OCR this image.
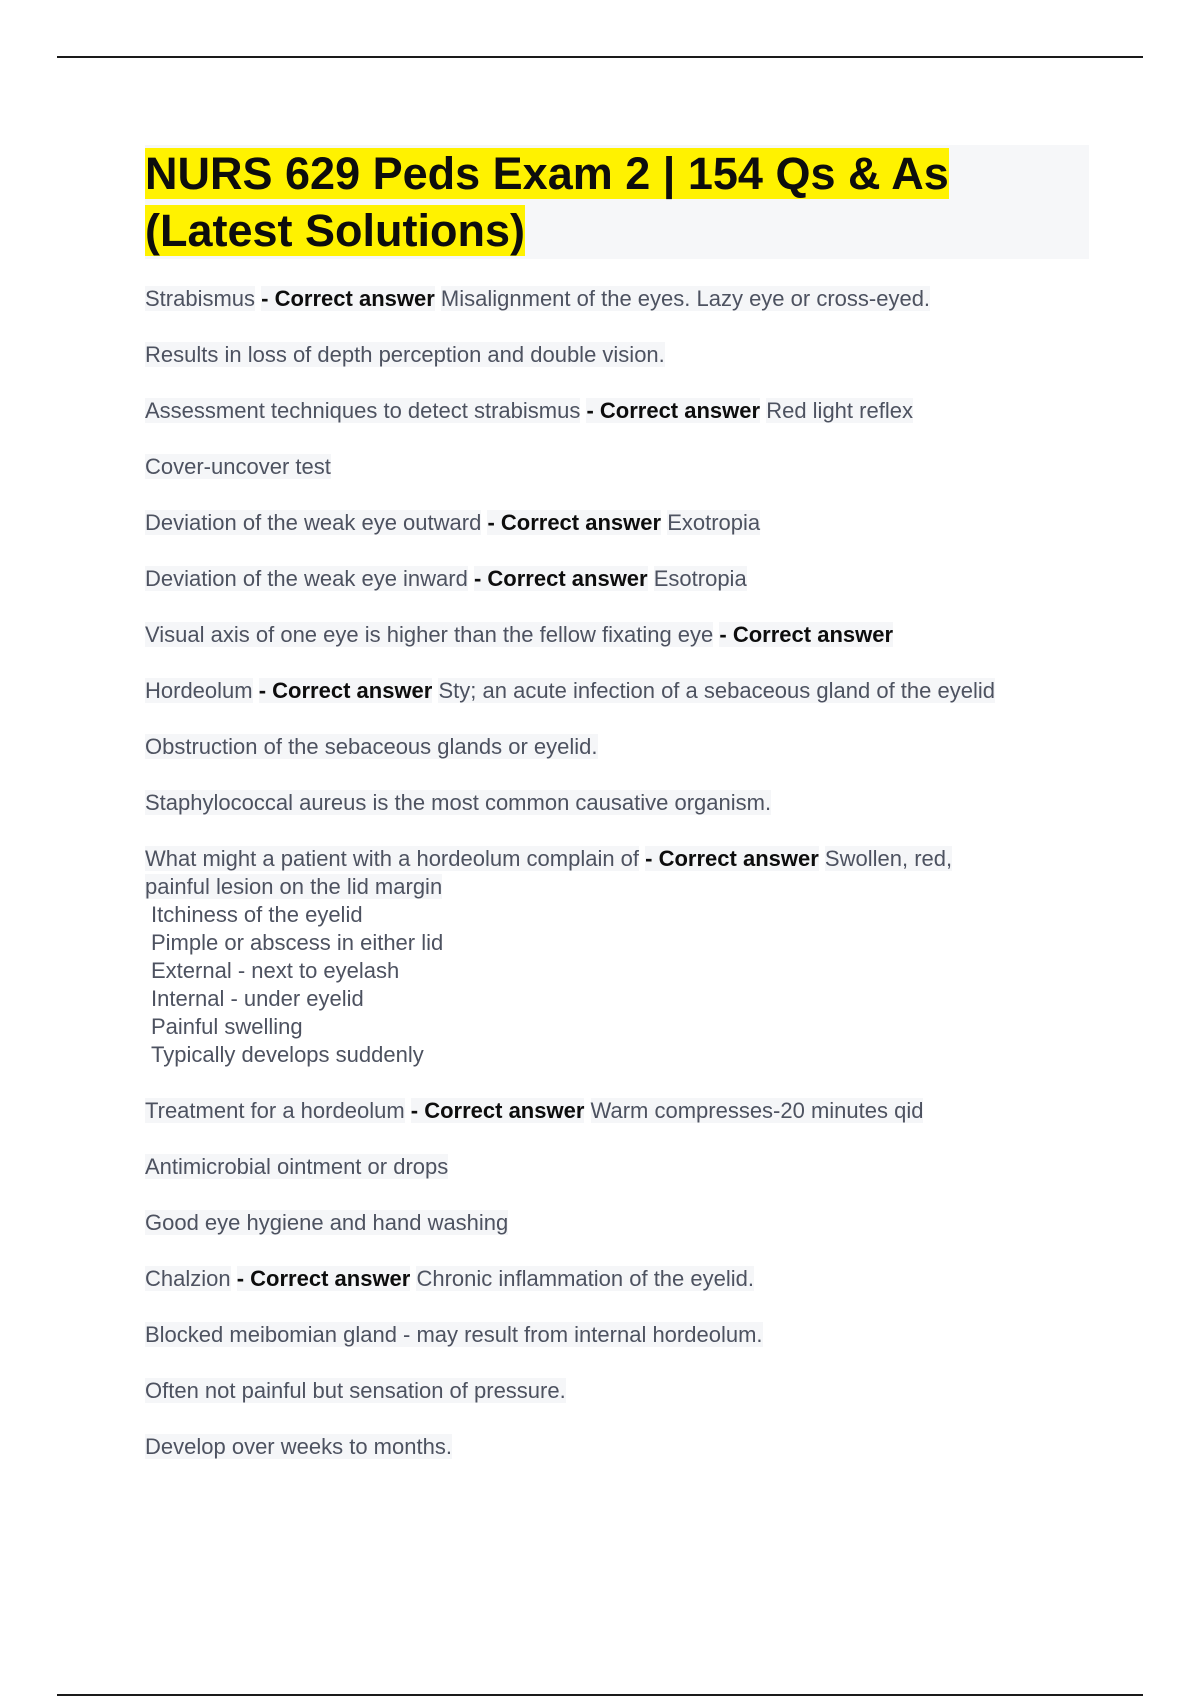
NURS 629 Peds Exam 2 | 154 Qs & As
(Latest Solutions)

Strabismus - Correct answer Misalignment of the eyes. Lazy eye or cross-eyed.

Results in loss of depth perception and double vision.

Assessment techniques to detect strabismus - Correct answer Red light reflex

Cover-uncover test

Deviation of the weak eye outward - Correct answer Exotropia

Deviation of the weak eye inward - Correct answer Esotropia

Visual axis of one eye is higher than the fellow fixating eye - Correct answer

Hordeolum - Correct answer Sty; an acute infection of a sebaceous gland of the eyelid

Obstruction of the sebaceous glands or eyelid.

Staphylococcal aureus is the most common causative organism.

What might a patient with a hordeolum complain of - Correct answer Swollen, red,
painful lesion on the lid margin
Itchiness of the eyelid
Pimple or abscess in either lid
External - next to eyelash
Internal - under eyelid
Painful swelling
Typically develops suddenly

Treatment for a hordeolum - Correct answer Warm compresses-20 minutes qid

Antimicrobial ointment or drops

Good eye hygiene and hand washing

Chalzion - Correct answer Chronic inflammation of the eyelid.

Blocked meibomian gland - may result from internal hordeolum.

Often not painful but sensation of pressure.

Develop over weeks to months.
